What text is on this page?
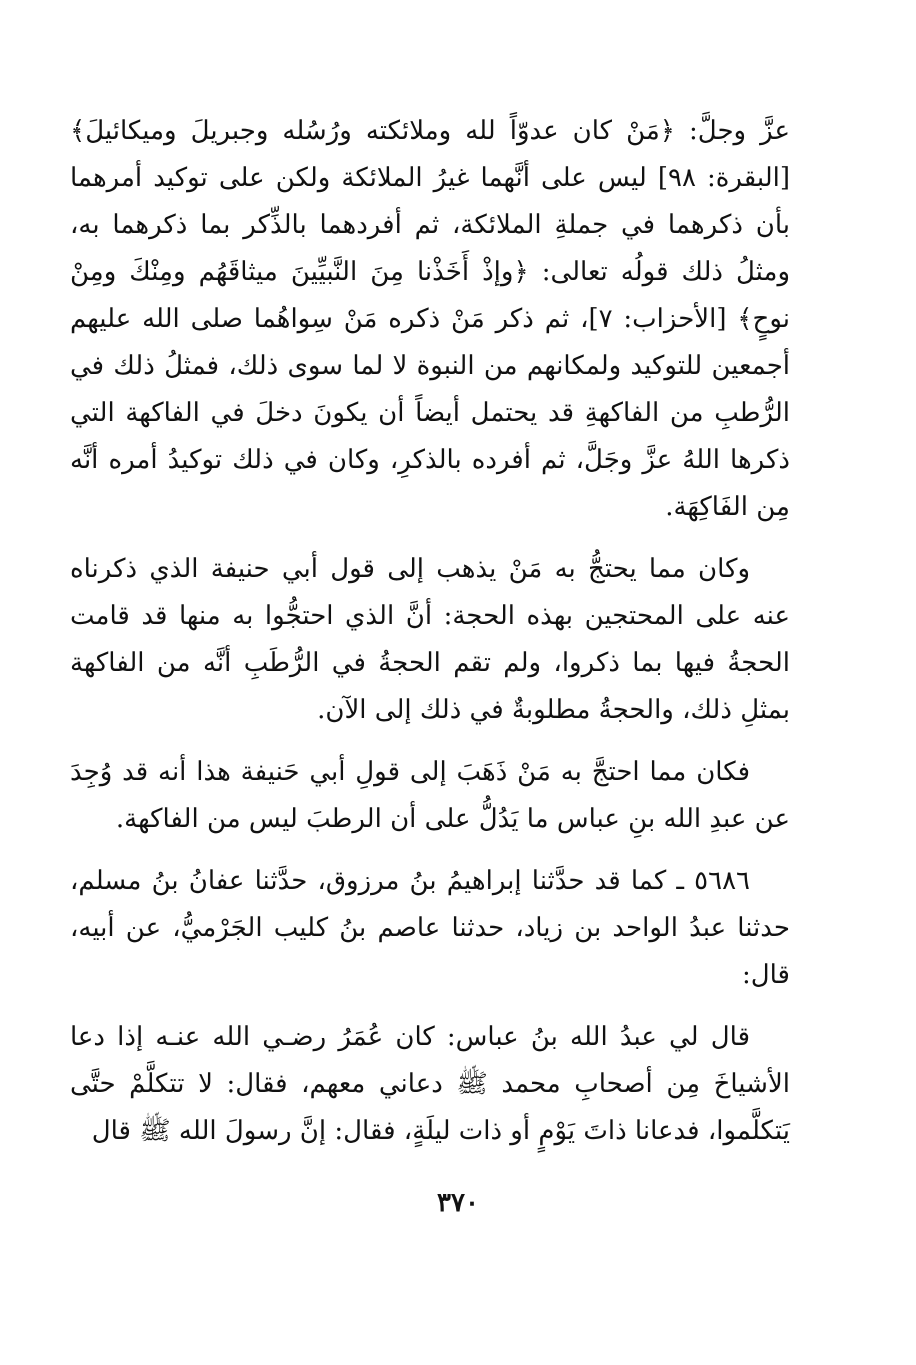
عزَّ وجلَّ: ﴿مَنْ كان عدوّاً لله وملائكته ورُسُله وجبريلَ وميكائيلَ﴾ [البقرة: ٩٨] ليس على أنَّهما غيرُ الملائكة ولكن على توكيد أمرهما بأن ذكرهما في جملةِ الملائكة، ثم أفردهما بالذِّكر بما ذكرهما به، ومثلُ ذلك قولُه تعالى: ﴿وإذْ أَخَذْنا مِنَ النَّبيِّينَ ميثاقَهُم ومِنْكَ ومِنْ نوحٍ﴾ [الأحزاب: ٧]، ثم ذكر مَنْ ذكره مَنْ سِواهُما صلى الله عليهم أجمعين للتوكيد ولمكانهم من النبوة لا لما سوى ذلك، فمثلُ ذلك في الرُّطبِ من الفاكهةِ قد يحتمل أيضاً أن يكونَ دخلَ في الفاكهة التي ذكرها اللهُ عزَّ وجَلَّ، ثم أفرده بالذكرِ، وكان في ذلك توكيدُ أمره أنَّه مِن الفَاكِهَة.

وكان مما يحتجُّ به مَنْ يذهب إلى قول أبي حنيفة الذي ذكرناه عنه على المحتجين بهذه الحجة: أنَّ الذي احتجُّوا به منها قد قامت الحجةُ فيها بما ذكروا، ولم تقم الحجةُ في الرُّطَبِ أنَّه من الفاكهة بمثلِ ذلك، والحجةُ مطلوبةٌ في ذلك إلى الآن.

فكان مما احتجَّ به مَنْ ذَهَبَ إلى قولِ أبي حَنيفة هذا أنه قد وُجِدَ عن عبدِ الله بنِ عباس ما يَدُلُّ على أن الرطبَ ليس من الفاكهة.

٥٦٨٦ ـ كما قد حدَّثنا إبراهيمُ بنُ مرزوق، حدَّثنا عفانُ بنُ مسلم، حدثنا عبدُ الواحد بن زياد، حدثنا عاصم بنُ كليب الجَرْميُّ، عن أبيه، قال:

قال لي عبدُ الله بنُ عباس: كان عُمَرُ رضـي الله عنـه إذا دعا الأشياخَ مِن أصحابِ محمد ﷺ دعاني معهم، فقال: لا تتكلَّمْ حتَّى يَتكلَّموا، فدعانا ذاتَ يَوْمٍ أو ذات ليلَةٍ، فقال: إنَّ رسولَ الله ﷺ قال

٣٧٠
